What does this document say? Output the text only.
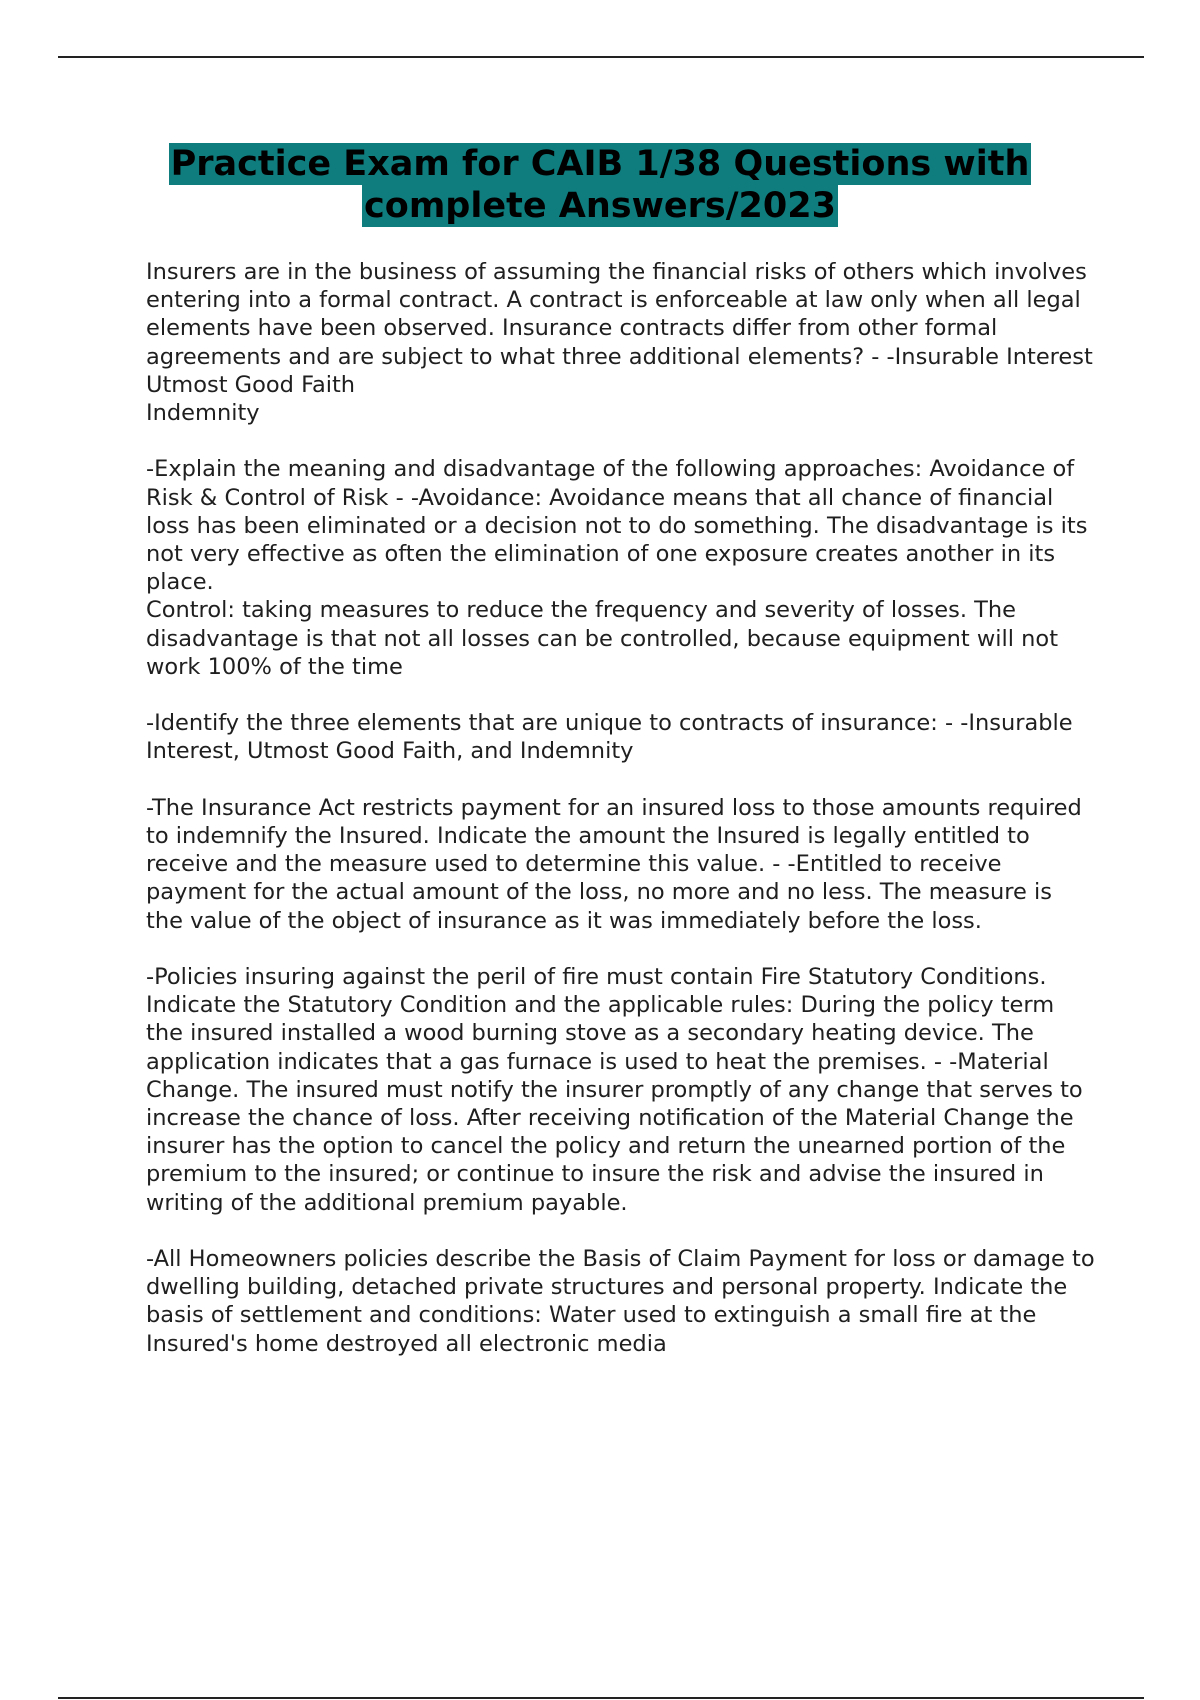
Practice Exam for CAIB 1/38 Questions with
complete Answers/2023

Insurers are in the business of assuming the financial risks of others which involves entering into a formal contract. A contract is enforceable at law only when all legal elements have been observed. Insurance contracts differ from other formal agreements and are subject to what three additional elements? - -Insurable Interest
Utmost Good Faith
Indemnity

-Explain the meaning and disadvantage of the following approaches: Avoidance of Risk & Control of Risk - -Avoidance: Avoidance means that all chance of financial loss has been eliminated or a decision not to do something. The disadvantage is its not very effective as often the elimination of one exposure creates another in its place.
Control: taking measures to reduce the frequency and severity of losses. The disadvantage is that not all losses can be controlled, because equipment will not work 100% of the time

-Identify the three elements that are unique to contracts of insurance: - -Insurable Interest, Utmost Good Faith, and Indemnity

-The Insurance Act restricts payment for an insured loss to those amounts required to indemnify the Insured. Indicate the amount the Insured is legally entitled to receive and the measure used to determine this value. - -Entitled to receive payment for the actual amount of the loss, no more and no less. The measure is the value of the object of insurance as it was immediately before the loss.

-Policies insuring against the peril of fire must contain Fire Statutory Conditions. Indicate the Statutory Condition and the applicable rules: During the policy term the insured installed a wood burning stove as a secondary heating device. The application indicates that a gas furnace is used to heat the premises. - -Material Change. The insured must notify the insurer promptly of any change that serves to increase the chance of loss. After receiving notification of the Material Change the insurer has the option to cancel the policy and return the unearned portion of the premium to the insured; or continue to insure the risk and advise the insured in writing of the additional premium payable.

-All Homeowners policies describe the Basis of Claim Payment for loss or damage to dwelling building, detached private structures and personal property. Indicate the basis of settlement and conditions: Water used to extinguish a small fire at the Insured's home destroyed all electronic media
